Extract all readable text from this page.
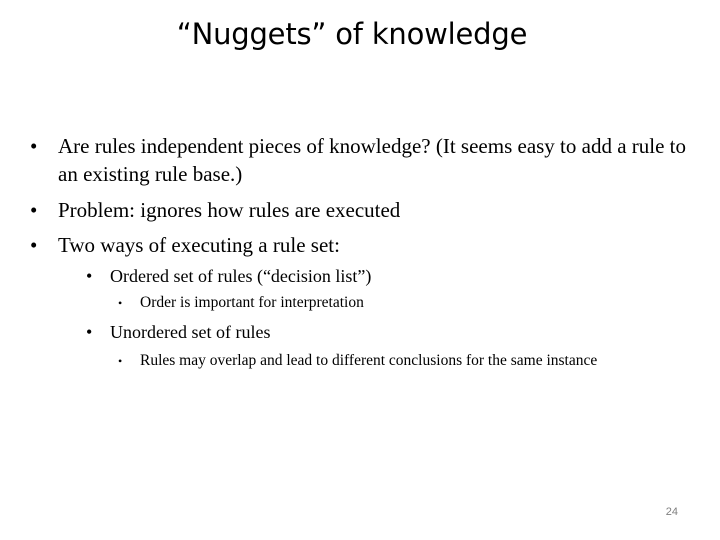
“Nuggets” of knowledge
• Are rules independent pieces of knowledge? (It seems easy to add a rule to an existing rule base.)
• Problem: ignores how rules are executed
• Two ways of executing a rule set:
• Ordered set of rules (“decision list”)
•	Order is important for interpretation
• Unordered set of rules
•	Rules may overlap and lead to different conclusions for the same instance
24
